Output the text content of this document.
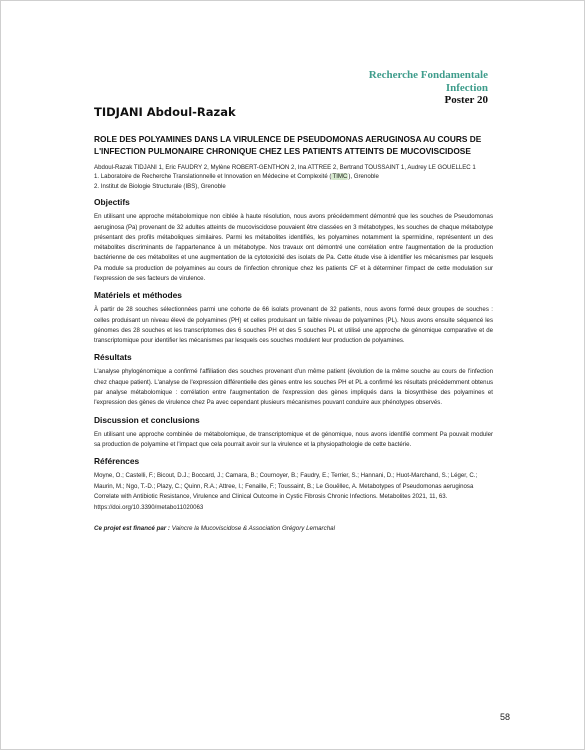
Recherche Fondamentale
Infection
Poster 20
TIDJANI Abdoul-Razak
ROLE DES POLYAMINES DANS LA VIRULENCE DE PSEUDOMONAS AERUGINOSA AU COURS DE
L'INFECTION PULMONAIRE CHRONIQUE CHEZ LES PATIENTS ATTEINTS DE MUCOVISCIDOSE

Abdoul-Razak TIDJANI 1, Eric FAUDRY 2, Mylène ROBERT-GENTHON 2, Ina ATTREE 2, Bertrand TOUSSAINT 1, Audrey LE GOUELLEC 1

1. Laboratoire de Recherche Translationnelle et Innovation en Médecine et Complexité (TIMC), Grenoble

2. Institut de Biologie Structurale (IBS), Grenoble

Objectifs

En utilisant une approche métabolomique non ciblée à haute résolution, nous avons précédemment démontré que les souches de Pseudomonas aeruginosa (Pa) provenant de 32 adultes atteints de mucoviscidose pouvaient être classées en 3 métabotypes, les souches de chaque métabotype présentant des profils métaboliques similaires. Parmi les métabolites identifiés, les polyamines notamment la spermidine, représentent un des métabolites discriminants de l'appartenance à un métabotype. Nos travaux ont démontré une corrélation entre l'augmentation de la production bactérienne de ces métabolites et une augmentation de la cytotoxicité des isolats de Pa. Cette étude vise à identifier les mécanismes par lesquels Pa module sa production de polyamines au cours de l'infection chronique chez les patients CF et à déterminer l'impact de cette modulation sur l'expression de ses facteurs de virulence.

Matériels et méthodes

À partir de 28 souches sélectionnées parmi une cohorte de 66 isolats provenant de 32 patients, nous avons formé deux groupes de souches : celles produisant un niveau élevé de polyamines (PH) et celles produisant un faible niveau de polyamines (PL). Nous avons ensuite séquencé les génomes des 28 souches et les transcriptomes des 6 souches PH et des 5 souches PL et utilisé une approche de génomique comparative et de transcriptomique pour identifier les mécanismes par lesquels ces souches modulent leur production de polyamines.

Résultats

L'analyse phylogénomique a confirmé l'affiliation des souches provenant d'un même patient (évolution de la même souche au cours de l'infection chez chaque patient). L'analyse de l'expression différentielle des gènes entre les souches PH et PL a confirmé les résultats précédemment obtenus par analyse métabolomique : corrélation entre l'augmentation de l'expression des gènes impliqués dans la biosynthèse des polyamines et l'expression des gènes de virulence chez Pa avec cependant plusieurs mécanismes pouvant conduire aux phénotypes observés.

Discussion et conclusions

En utilisant une approche combinée de métabolomique, de transcriptomique et de génomique, nous avons identifié comment Pa pouvait moduler sa production de polyamine et l'impact que cela pourrait avoir sur la virulence et la physiopathologie de cette bactérie.

Références

Moyne, O.; Castelli, F.; Bicout, D.J.; Boccard, J.; Camara, B.; Cournoyer, B.; Faudry, E.; Terrier, S.; Hannani, D.; Huot-Marchand, S.; Léger, C.; Maurin, M.; Ngo, T.-D.; Plazy, C.; Quinn, R.A.; Attree, I.; Fenaille, F.; Toussaint, B.; Le Gouëllec, A. Metabotypes of Pseudomonas aeruginosa Correlate with Antibiotic Resistance, Virulence and Clinical Outcome in Cystic Fibrosis Chronic Infections. Metabolites 2021, 11, 63. https://doi.org/10.3390/metabo11020063

Ce projet est financé par : Vaincre la Mucoviscidose & Association Grégory Lemarchal

58
